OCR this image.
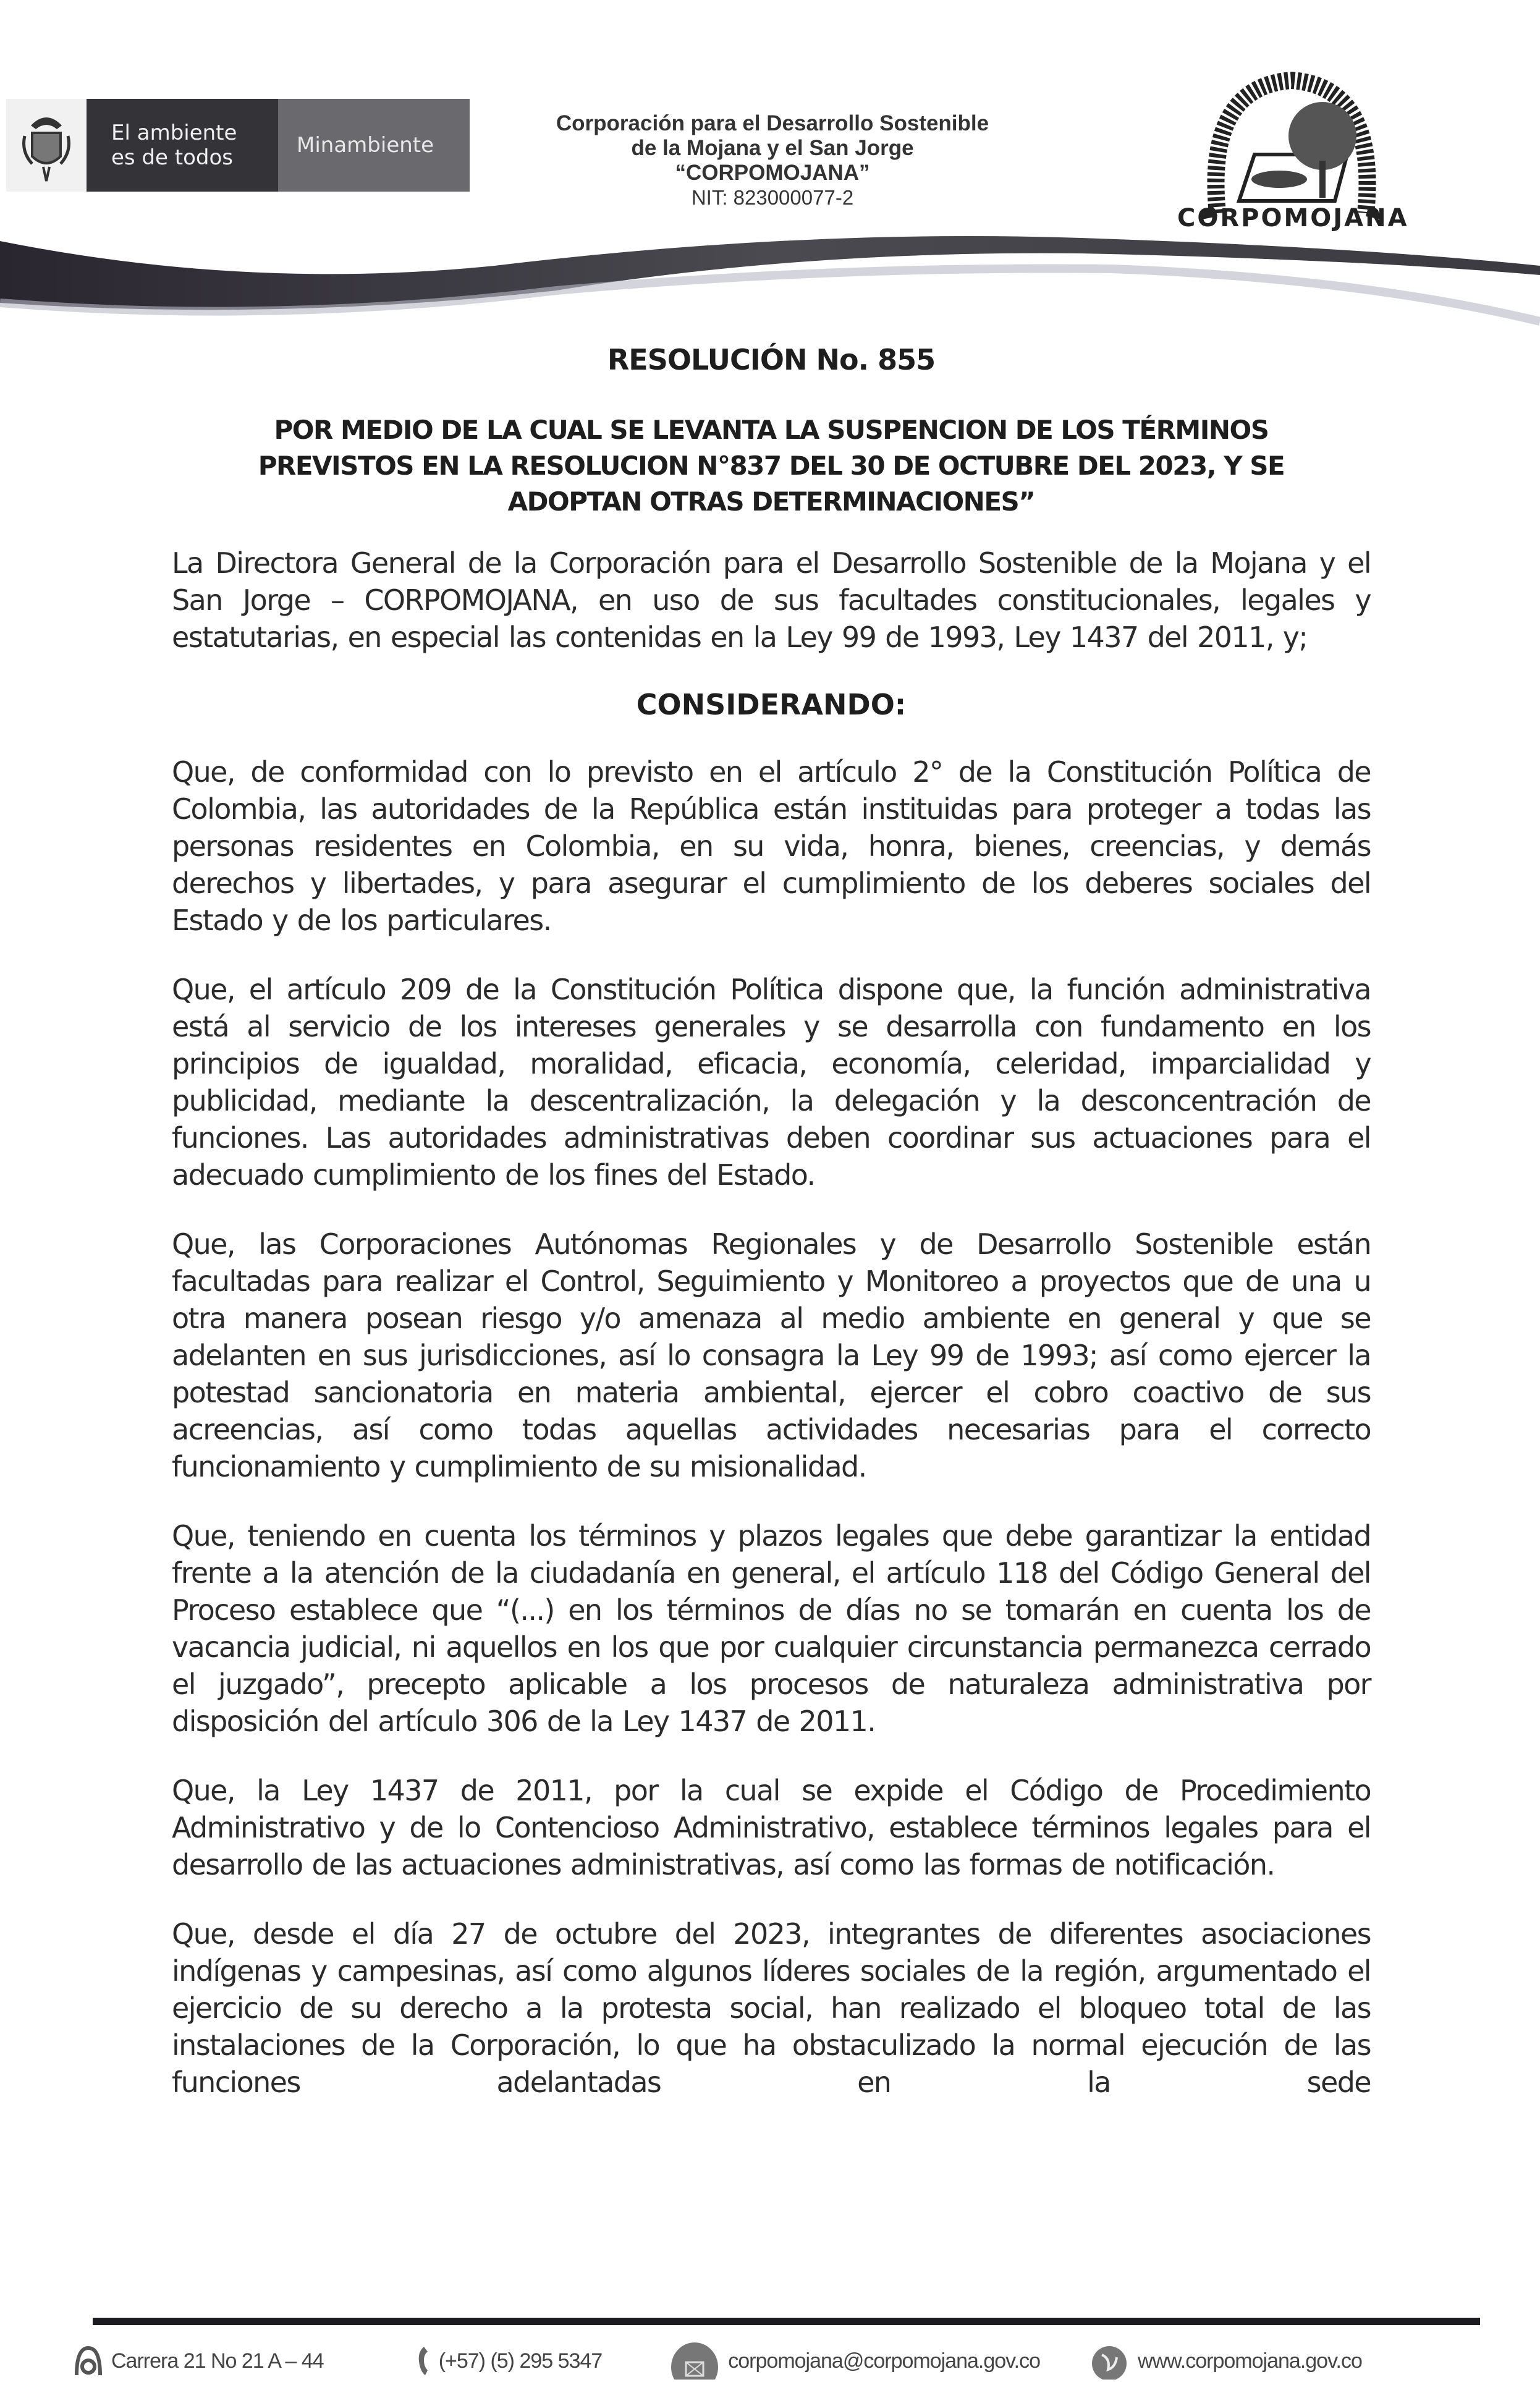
El ambiente
es de todos	Minambiente
Corporación para el Desarrollo Sostenible
de la Mojana y el San Jorge
“CORPOMOJANA”
NIT: 823000077-2
CORPOMOJANA
RESOLUCIÓN No. 855
POR MEDIO DE LA CUAL SE LEVANTA LA SUSPENCION DE LOS TÉRMINOS PREVISTOS EN LA RESOLUCION N°837 DEL 30 DE OCTUBRE DEL 2023, Y SE ADOPTAN OTRAS DETERMINACIONES”

La Directora General de la Corporación para el Desarrollo Sostenible de la Mojana y el San Jorge – CORPOMOJANA, en uso de sus facultades constitucionales, legales y estatutarias, en especial las contenidas en la Ley 99 de 1993, Ley 1437 del 2011, y;

CONSIDERANDO:

Que, de conformidad con lo previsto en el artículo 2° de la Constitución Política de Colombia, las autoridades de la República están instituidas para proteger a todas las personas residentes en Colombia, en su vida, honra, bienes, creencias, y demás derechos y libertades, y para asegurar el cumplimiento de los deberes sociales del Estado y de los particulares.

Que, el artículo 209 de la Constitución Política dispone que, la función administrativa está al servicio de los intereses generales y se desarrolla con fundamento en los principios de igualdad, moralidad, eficacia, economía, celeridad, imparcialidad y publicidad, mediante la descentralización, la delegación y la desconcentración de funciones. Las autoridades administrativas deben coordinar sus actuaciones para el adecuado cumplimiento de los fines del Estado.

Que, las Corporaciones Autónomas Regionales y de Desarrollo Sostenible están facultadas para realizar el Control, Seguimiento y Monitoreo a proyectos que de una u otra manera posean riesgo y/o amenaza al medio ambiente en general y que se adelanten en sus jurisdicciones, así lo consagra la Ley 99 de 1993; así como ejercer la potestad sancionatoria en materia ambiental, ejercer el cobro coactivo de sus acreencias, así como todas aquellas actividades necesarias para el correcto funcionamiento y cumplimiento de su misionalidad.

Que, teniendo en cuenta los términos y plazos legales que debe garantizar la entidad frente a la atención de la ciudadanía en general, el artículo 118 del Código General del Proceso establece que “(...) en los términos de días no se tomarán en cuenta los de vacancia judicial, ni aquellos en los que por cualquier circunstancia permanezca cerrado el juzgado”, precepto aplicable a los procesos de naturaleza administrativa por disposición del artículo 306 de la Ley 1437 de 2011.

Que, la Ley 1437 de 2011, por la cual se expide el Código de Procedimiento Administrativo y de lo Contencioso Administrativo, establece términos legales para el desarrollo de las actuaciones administrativas, así como las formas de notificación.

Que, desde el día 27 de octubre del 2023, integrantes de diferentes asociaciones indígenas y campesinas, así como algunos líderes sociales de la región, argumentado el ejercicio de su derecho a la protesta social, han realizado el bloqueo total de las instalaciones de la Corporación, lo que ha obstaculizado la normal ejecución de las funciones adelantadas en la sede

Carrera 21 No 21 A – 44	(+57) (5) 295 5347	corpomojana@corpomojana.gov.co	www.corpomojana.gov.co
